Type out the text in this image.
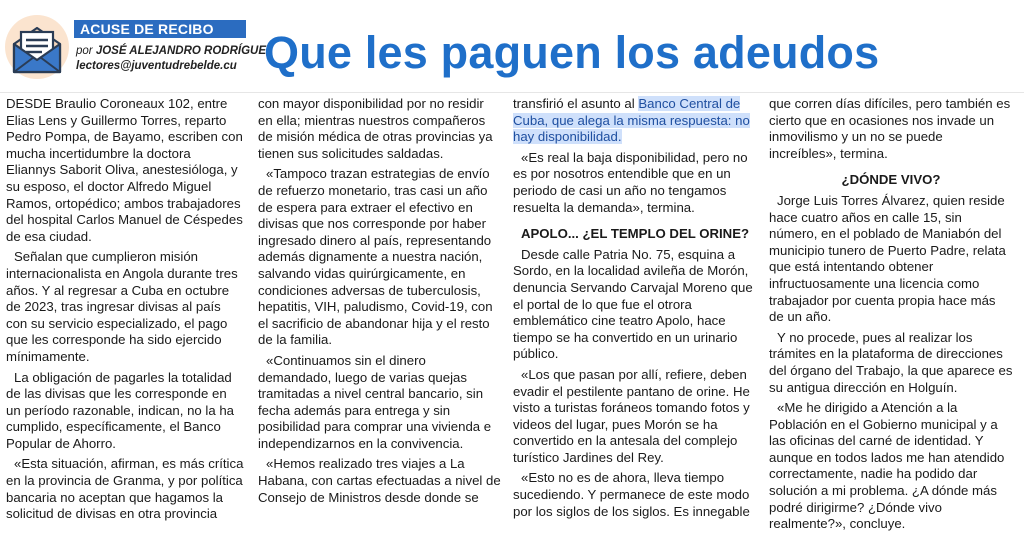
ACUSE DE RECIBO
por JOSÉ ALEJANDRO RODRÍGUEZ
lectores@juventudrebelde.cu Que les paguen los adeudos

DESDE Braulio Coroneaux 102, entre Elias Lens y Guillermo Torres, reparto Pedro Pompa, de Bayamo, escriben con mucha incertidumbre la doctora Eliannys Saborit Oliva, anestesióloga, y su esposo, el doctor Alfredo Miguel Ramos, ortopédico; ambos trabajadores del hospital Carlos Manuel de Céspedes de esa ciudad.

Señalan que cumplieron misión internacionalista en Angola durante tres años. Y al regresar a Cuba en octubre de 2023, tras ingresar divisas al país con su servicio especializado, el pago que les corresponde ha sido ejercido mínimamente.

La obligación de pagarles la totalidad de las divisas que les corresponde en un período razonable, indican, no la ha cumplido, específicamente, el Banco Popular de Ahorro.

«Esta situación, afirman, es más crítica en la provincia de Granma, y por política bancaria no aceptan que hagamos la solicitud de divisas en otra provincia

con mayor disponibilidad por no residir en ella; mientras nuestros compañeros de misión médica de otras provincias ya tienen sus solicitudes saldadas.

«Tampoco trazan estrategias de envío de refuerzo monetario, tras casi un año de espera para extraer el efectivo en divisas que nos corresponde por haber ingresado dinero al país, representando además dignamente a nuestra nación, salvando vidas quirúrgicamente, en condiciones adversas de tuberculosis, hepatitis, VIH, paludismo, Covid-19, con el sacrificio de abandonar hija y el resto de la familia.

«Continuamos sin el dinero demandado, luego de varias quejas tramitadas a nivel central bancario, sin fecha además para entrega y sin posibilidad para comprar una vivienda e independizarnos en la convivencia.

«Hemos realizado tres viajes a La Habana, con cartas efectuadas a nivel de Consejo de Ministros desde donde se

transfirió el asunto al Banco Central de Cuba, que alega la misma respuesta: no hay disponibilidad.

«Es real la baja disponibilidad, pero no es por nosotros entendible que en un periodo de casi un año no tengamos resuelta la demanda», termina.

APOLO... ¿EL TEMPLO DEL ORINE?

Desde calle Patria No. 75, esquina a Sordo, en la localidad avileña de Morón, denuncia Servando Carvajal Moreno que el portal de lo que fue el otrora emblemático cine teatro Apolo, hace tiempo se ha convertido en un urinario público.

«Los que pasan por allí, refiere, deben evadir el pestilente pantano de orine. He visto a turistas foráneos tomando fotos y videos del lugar, pues Morón se ha convertido en la antesala del complejo turístico Jardines del Rey.

«Esto no es de ahora, lleva tiempo sucediendo. Y permanece de este modo por los siglos de los siglos. Es innegable

que corren días difíciles, pero también es cierto que en ocasiones nos invade un inmovilismo y un no se puede increíbles», termina.

¿DÓNDE VIVO?

Jorge Luis Torres Álvarez, quien reside hace cuatro años en calle 15, sin número, en el poblado de Maniabón del municipio tunero de Puerto Padre, relata que está intentando obtener infructuosamente una licencia como trabajador por cuenta propia hace más de un año.

Y no procede, pues al realizar los trámites en la plataforma de direcciones del órgano del Trabajo, la que aparece es su antigua dirección en Holguín.

«Me he dirigido a Atención a la Población en el Gobierno municipal y a las oficinas del carné de identidad. Y aunque en todos lados me han atendido correctamente, nadie ha podido dar solución a mi problema. ¿A dónde más podré dirigirme? ¿Dónde vivo realmente?», concluye.
